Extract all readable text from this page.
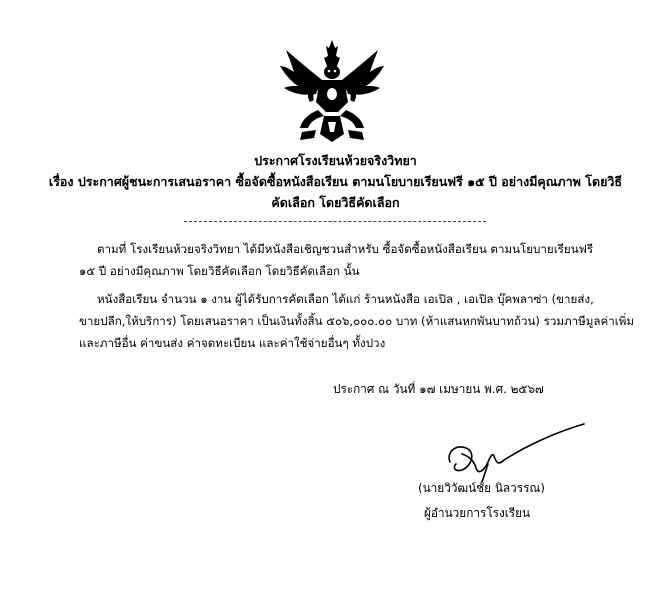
ประกาศโรงเรียนห้วยจริงวิทยา
เรื่อง ประกาศผู้ชนะการเสนอราคา ซื้อจัดซื้อหนังสือเรียน ตามนโยบายเรียนฟรี ๑๕ ปี อย่างมีคุณภาพ โดยวิธี
คัดเลือก โดยวิธีคัดเลือก
ตามที่ โรงเรียนห้วยจริงวิทยา ได้มีหนังสือเชิญชวนสำหรับ ซื้อจัดซื้อหนังสือเรียน ตามนโยบายเรียนฟรี
๑๕ ปี อย่างมีคุณภาพ โดยวิธีคัดเลือก โดยวิธีคัดเลือก นั้น
หนังสือเรียน จำนวน ๑ งาน ผู้ได้รับการคัดเลือก ได้แก่ ร้านหนังสือ เอเปิล , เอเปิล บุ๊คพลาซ่า (ขายส่ง,
ขายปลีก,ให้บริการ) โดยเสนอราคา เป็นเงินทั้งสิ้น ๕๐๖,๐๐๐.๐๐ บาท (ห้าแสนหกพันบาทถ้วน) รวมภาษีมูลค่าเพิ่ม
และภาษีอื่น ค่าขนส่ง ค่าจดทะเบียน และค่าใช้จ่ายอื่นๆ ทั้งปวง
ประกาศ ณ วันที่ ๑๗ เมษายน พ.ศ. ๒๕๖๗
(นายวิวัฒน์ชัย นิลวรรณ)
ผู้อำนวยการโรงเรียน
